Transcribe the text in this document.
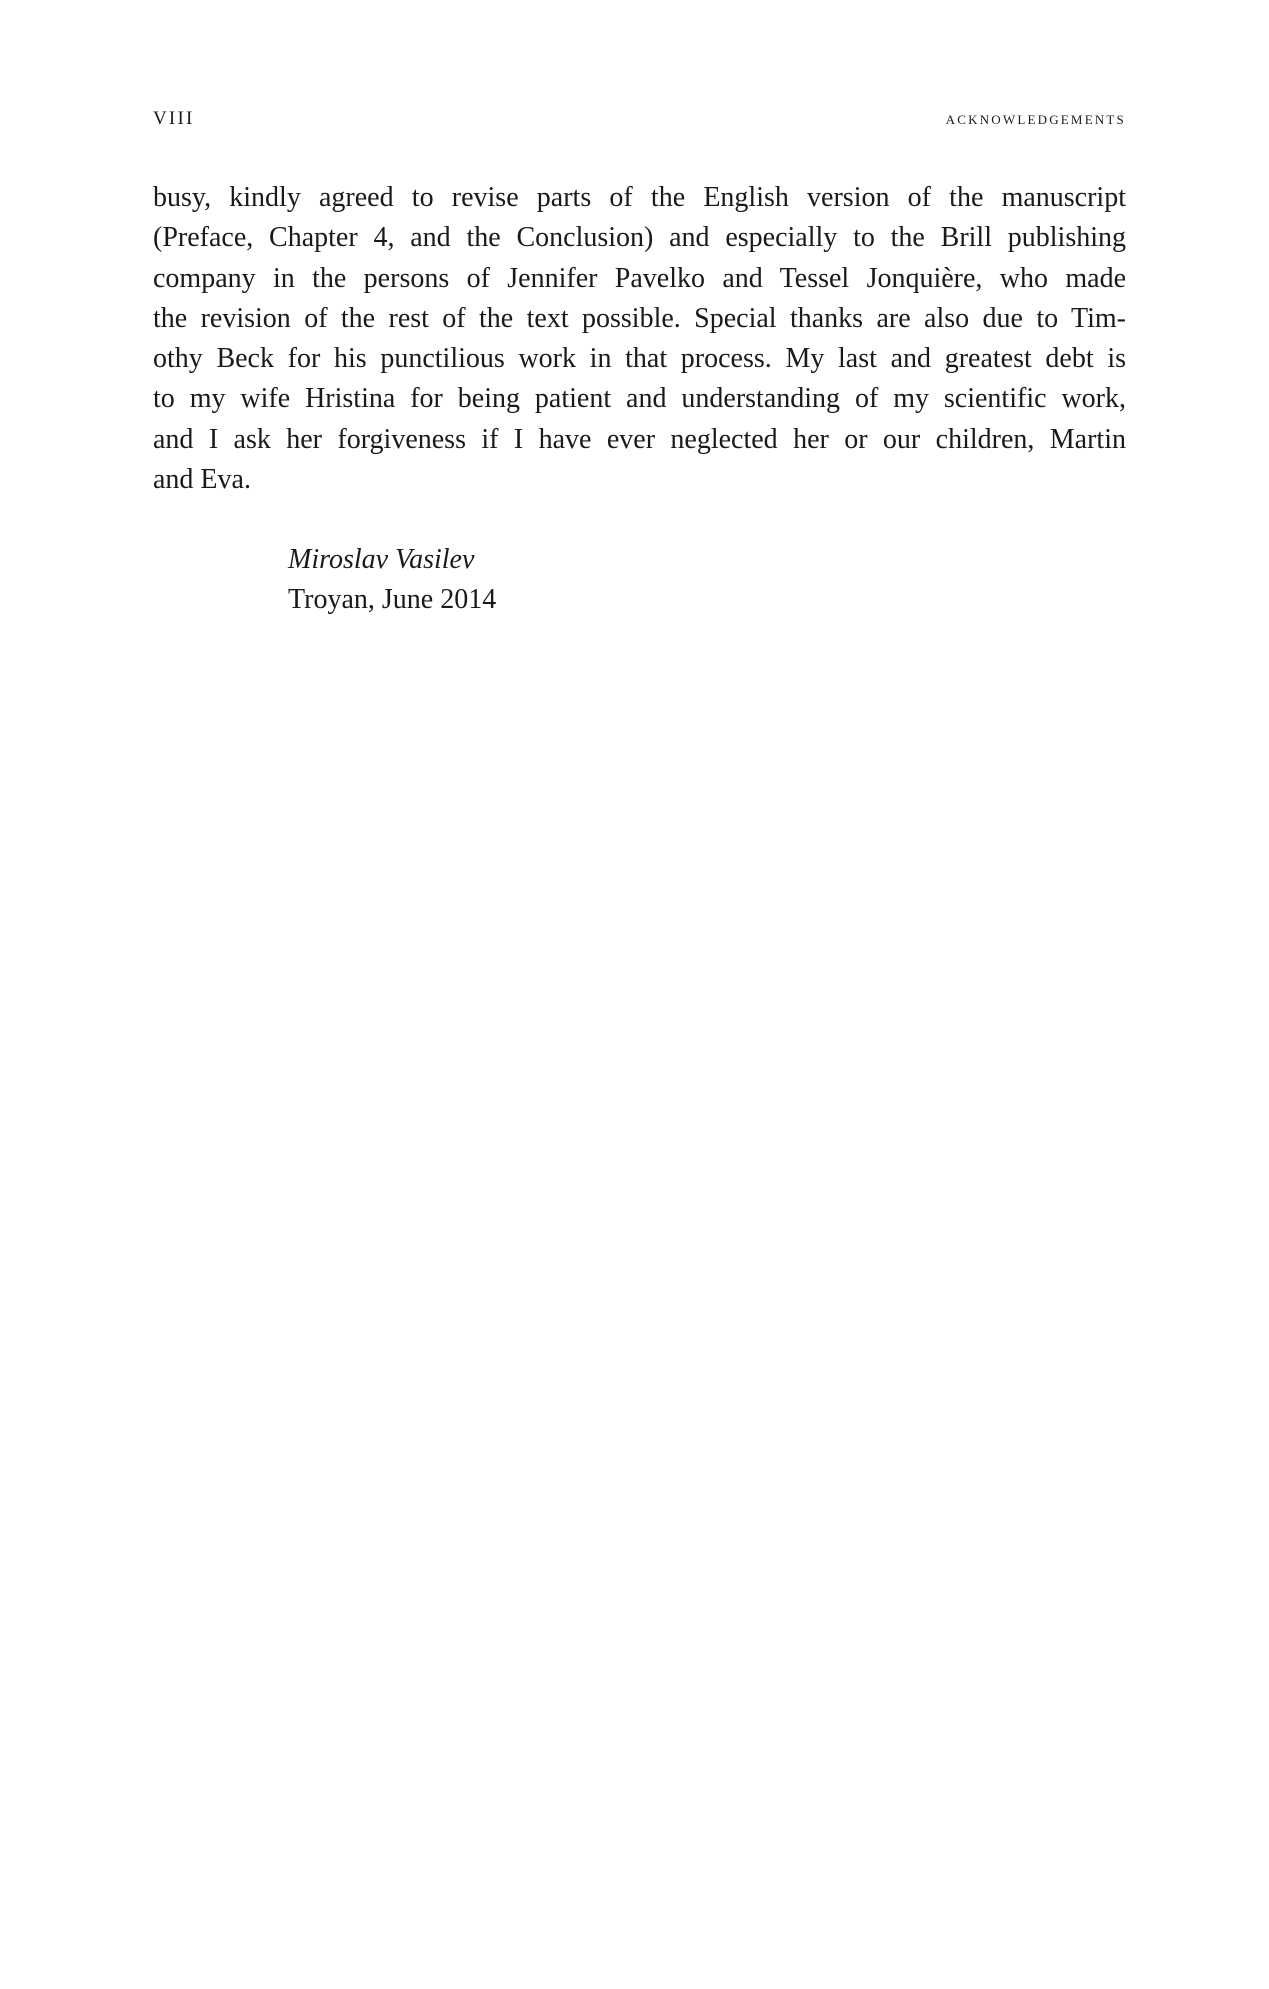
VIII	acknowledgements
busy, kindly agreed to revise parts of the English version of the manuscript
(Preface, Chapter 4, and the Conclusion) and especially to the Brill publishing
company in the persons of Jennifer Pavelko and Tessel Jonquière, who made
the revision of the rest of the text possible. Special thanks are also due to Tim-
othy Beck for his punctilious work in that process. My last and greatest debt is
to my wife Hristina for being patient and understanding of my scientific work,
and I ask her forgiveness if I have ever neglected her or our children, Martin
and Eva.
Miroslav Vasilev
Troyan, June 2014
